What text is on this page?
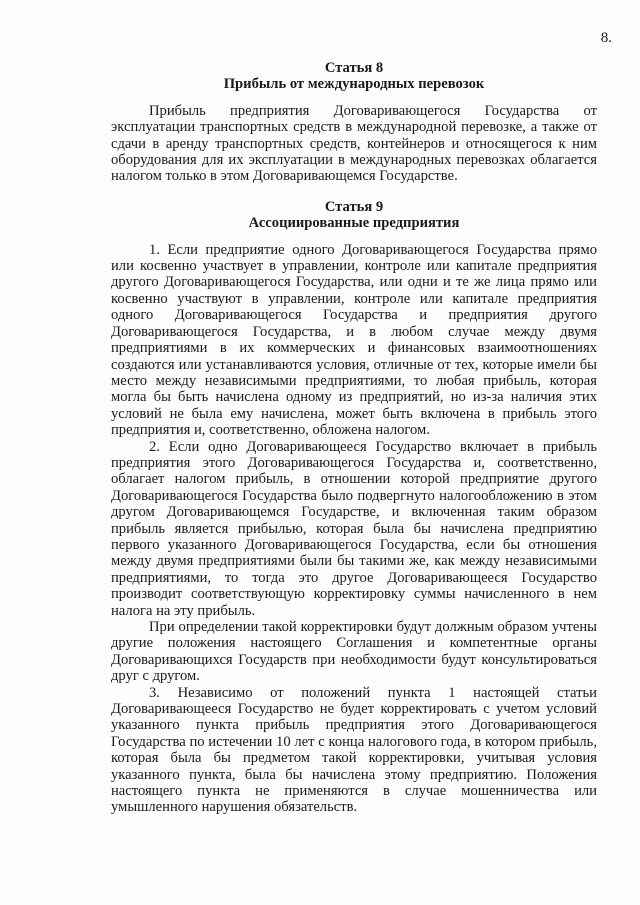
8.
Статья 8
Прибыль от международных перевозок

Прибыль предприятия Договаривающегося Государства от эксплуатации транспортных средств в международной перевозке, а также от сдачи в аренду транспортных средств, контейнеров и относящегося к ним оборудования для их эксплуатации в международных перевозках облагается налогом только в этом Договаривающемся Государстве.

Статья 9
Ассоциированные предприятия

1. Если предприятие одного Договаривающегося Государства прямо или косвенно участвует в управлении, контроле или капитале предприятия другого Договаривающегося Государства, или одни и те же лица прямо или косвенно участвуют в управлении, контроле или капитале предприятия одного Договаривающегося Государства и предприятия другого Договаривающегося Государства, и в любом случае между двумя предприятиями в их коммерческих и финансовых взаимоотношениях создаются или устанавливаются условия, отличные от тех, которые имели бы место между независимыми предприятиями, то любая прибыль, которая могла бы быть начислена одному из предприятий, но из-за наличия этих условий не была ему начислена, может быть включена в прибыль этого предприятия и, соответственно, обложена налогом.

2. Если одно Договаривающееся Государство включает в прибыль предприятия этого Договаривающегося Государства и, соответственно, облагает налогом прибыль, в отношении которой предприятие другого Договаривающегося Государства было подвергнуто налогообложению в этом другом Договаривающемся Государстве, и включенная таким образом прибыль является прибылью, которая была бы начислена предприятию первого указанного Договаривающегося Государства, если бы отношения между двумя предприятиями были бы такими же, как между независимыми предприятиями, то тогда это другое Договаривающееся Государство производит соответствующую корректировку суммы начисленного в нем налога на эту прибыль.

При определении такой корректировки будут должным образом учтены другие положения настоящего Соглашения и компетентные органы Договаривающихся Государств при необходимости будут консультироваться друг с другом.

3. Независимо от положений пункта 1 настоящей статьи Договаривающееся Государство не будет корректировать с учетом условий указанного пункта прибыль предприятия этого Договаривающегося Государства по истечении 10 лет с конца налогового года, в котором прибыль, которая была бы предметом такой корректировки, учитывая условия указанного пункта, была бы начислена этому предприятию. Положения настоящего пункта не применяются в случае мошенничества или умышленного нарушения обязательств.
